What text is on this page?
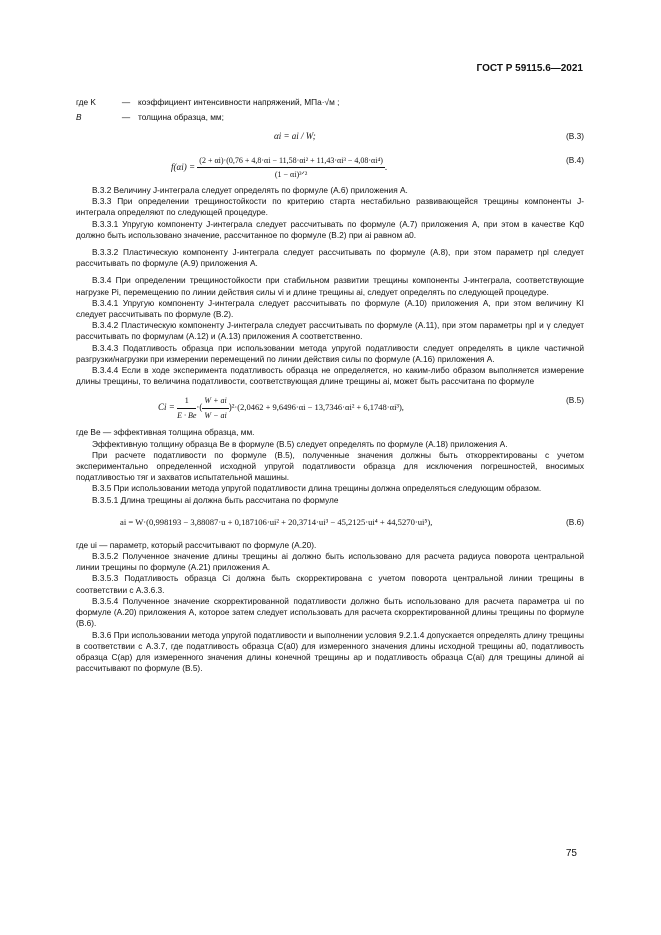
ГОСТ Р 59115.6—2021
где K	— коэффициент интенсивности напряжений, МПа·√м ;
B	— толщина образца, мм;
αi = ai / W;	(B.3)
$f(\alpha i) = \frac{\text{(2 + αi)·(0,76 + 4,8·αi − 11,58·αi² + 11,43·αi³ − 4,08·αi⁴)}}{\text{(1 − αi)³ᐟ²}}$ .
(B.4)

В.3.2 Величину J-интеграла следует определять по формуле (А.6) приложения А.

В.3.3 При определении трещиностойкости по критерию старта нестабильно развивающейся трещины компоненты J-интеграла определяют по следующей процедуре.

В.3.3.1 Упругую компоненту J-интеграла следует рассчитывать по формуле (А.7) приложения А, при этом в качестве Kq0 должно быть использовано значение, рассчитанное по формуле (В.2) при ai равном a0.

В.3.3.2 Пластическую компоненту J-интеграла следует рассчитывать по формуле (А.8), при этом параметр ηpl следует рассчитывать по формуле (А.9) приложения А.

В.3.4 При определении трещиностойкости при стабильном развитии трещины компоненты J-интеграла, соответствующие нагрузке Pi, перемещению по линии действия силы vi и длине трещины ai, следует определять по следующей процедуре.

В.3.4.1 Упругую компоненту J-интеграла следует рассчитывать по формуле (А.10) приложения А, при этом величину KI следует рассчитывать по формуле (В.2).

В.3.4.2 Пластическую компоненту J-интеграла следует рассчитывать по формуле (А.11), при этом параметры ηpl и γ следует рассчитывать по формулам (А.12) и (А.13) приложения А соответственно.

В.3.4.3 Податливость образца при использовании метода упругой податливости следует определять в цикле частичной разгрузки/нагрузки при измерении перемещений по линии действия силы по формуле (А.16) приложения А.

В.3.4.4 Если в ходе эксперимента податливость образца не определяется, но каким-либо образом выполняется измерение длины трещины, то величина податливости, соответствующая длине трещины ai, может быть рассчитана по формуле

$Ci = \frac{1}{E \cdot Be}$ ·( $\frac{W + ai}{W - ai} )^2\cdot(2,0462 + 9,6496\cdot\alpha i - 13,7346\cdot\alpha i^2 + 6,1748\cdot\alpha i^3)$,
(B.5)

где Be — эффективная толщина образца, мм.

Эффективную толщину образца Be в формуле (В.5) следует определять по формуле (А.18) приложения А.

При расчете податливости по формуле (В.5), полученные значения должны быть откорректированы с учетом экспериментально определенной исходной упругой податливости образца для исключения погрешностей, вносимых податливостью тяг и захватов испытательной машины.

В.3.5 При использовании метода упругой податливости длина трещины должна определяться следующим образом.

В.3.5.1 Длина трещины ai должна быть рассчитана по формуле

ai = W·(0,998193 − 3,88087·u + 0,187106·ui² + 20,3714·ui³ − 45,2125·ui⁴ + 44,5270·ui⁵),	(B.6)

где ui — параметр, который рассчитывают по формуле (А.20).

В.3.5.2 Полученное значение длины трещины ai должно быть использовано для расчета радиуса поворота центральной линии трещины по формуле (А.21) приложения А.

В.3.5.3 Податливость образца Ci должна быть скорректирована с учетом поворота центральной линии трещины в соответствии с А.3.6.3.

В.3.5.4 Полученное значение скорректированной податливости должно быть использовано для расчета параметра ui по формуле (А.20) приложения А, которое затем следует использовать для расчета скорректированной длины трещины по формуле (В.6).

В.3.6 При использовании метода упругой податливости и выполнении условия 9.2.1.4 допускается определять длину трещины в соответствии с А.3.7, где податливость образца C(a0) для измеренного значения длины исходной трещины a0, податливость образца C(ap) для измеренного значения длины конечной трещины ap и податливость образца C(ai) для трещины длиной ai рассчитывают по формуле (В.5).

75
